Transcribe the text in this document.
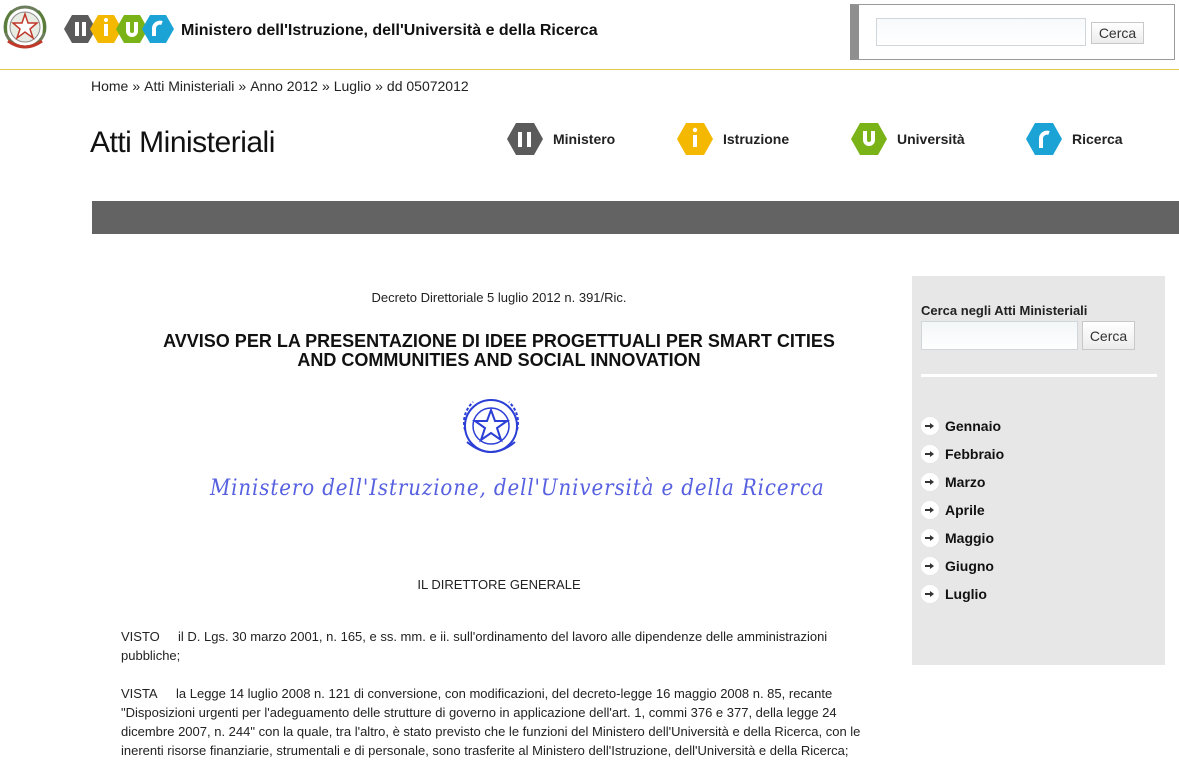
Ministero dell'Istruzione, dell'Università e della Ricerca	Cerca
Home » Atti Ministeriali » Anno 2012 » Luglio » dd 05072012
Atti Ministeriali	Ministero	Istruzione	Università	Ricerca
Decreto Direttoriale 5 luglio 2012 n. 391/Ric.
AVVISO PER LA PRESENTAZIONE DI IDEE PROGETTUALI PER SMART CITIES
AND COMMUNITIES AND SOCIAL INNOVATION
Ministero dell'Istruzione, dell'Università e della Ricerca
IL DIRETTORE GENERALE
VISTO il D. Lgs. 30 marzo 2001, n. 165, e ss. mm. e ii. sull'ordinamento del lavoro alle dipendenze delle amministrazioni pubbliche;
VISTA la Legge 14 luglio 2008 n. 121 di conversione, con modificazioni, del decreto-legge 16 maggio 2008 n. 85, recante "Disposizioni urgenti per l'adeguamento delle strutture di governo in applicazione dell'art. 1, commi 376 e 377, della legge 24 dicembre 2007, n. 244" con la quale, tra l'altro, è stato previsto che le funzioni del Ministero dell'Università e della Ricerca, con le inerenti risorse finanziarie, strumentali e di personale, sono trasferite al Ministero dell'Istruzione, dell'Università e della Ricerca;
Cerca negli Atti Ministeriali
Cerca
Gennaio
Febbraio
Marzo
Aprile
Maggio
Giugno
Luglio
